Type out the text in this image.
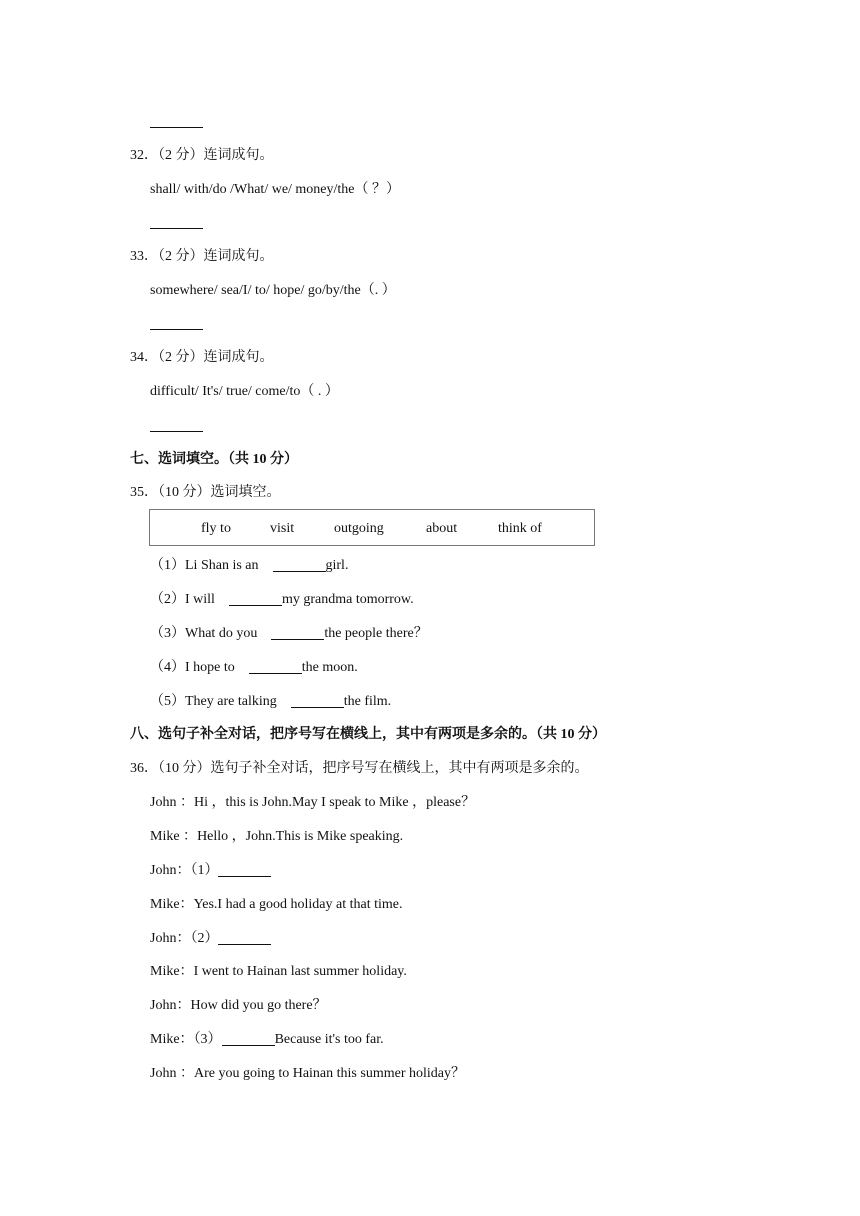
32．（2 分）连词成句。
shall/ with/do /What/ we/ money/the（ ？）
33．（2 分）连词成句。
somewhere/ sea/I/ to/ hope/ go/by/the（. ）
34．（2 分）连词成句。
difficult/ It's/ true/ come/to（ . ）
七、选词填空。（共 10 分）
35．（10 分）选词填空。
fly to	visit	outgoing	about	think of
（1）Li Shan is an	girl.
（2）I will	my grandma tomorrow.
（3）What do you	the people there？
（4）I hope to	the moon.
（5）They are talking	the film.
八、选句子补全对话，把序号写在横线上，其中有两项是多余的。（共 10 分）
36．（10 分）选句子补全对话，把序号写在横线上，其中有两项是多余的。
John ：Hi ，this is John.May I speak to Mike ，please？
Mike ：Hello ，John.This is Mike speaking.
John：（1）
Mike：Yes.I had a good holiday at that time.
John：（2）
Mike：I went to Hainan last summer holiday.
John：How did you go there？
Mike：（3）	Because it's too far.
John ：Are you going to Hainan this summer holiday？
